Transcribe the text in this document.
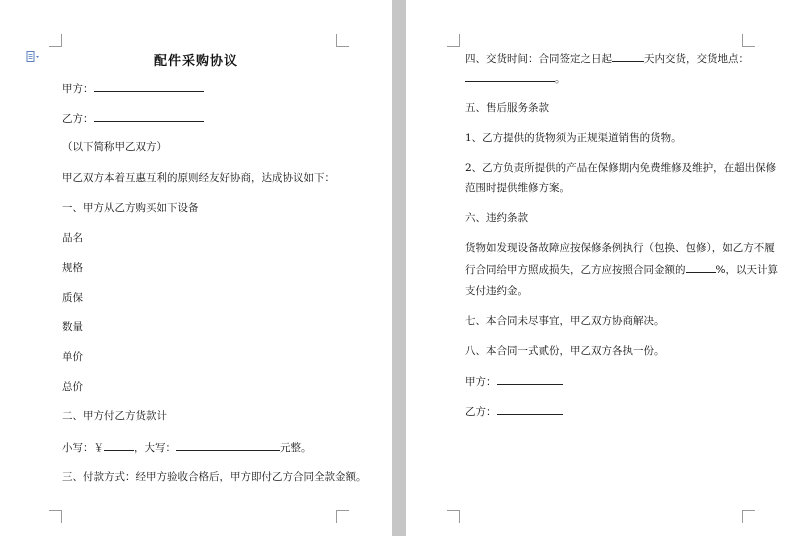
配件采购协议
甲方：
乙方：
（以下简称甲乙双方）
甲乙双方本着互惠互利的原则经友好协商，达成协议如下：
一、甲方从乙方购买如下设备
品名
规格
质保
数量
单价
总价
二、甲方付乙方货款计
小写：￥	，大写：	元整。
三、付款方式：经甲方验收合格后，甲方即付乙方合同全款金额。
四、交货时间：合同签定之日起	天内交货，交货地点：
。
五、售后服务条款
1、乙方提供的货物须为正规渠道销售的货物。
2、乙方负责所提供的产品在保修期内免费维修及维护，在超出保修
范围时提供维修方案。
六、违约条款
货物如发现设备故障应按保修条例执行（包换、包修），如乙方不履
行合同给甲方照成损失，乙方应按照合同金额的	%，以天计算
支付违约金。
七、本合同未尽事宜，甲乙双方协商解决。
八、本合同一式贰份，甲乙双方各执一份。
甲方：
乙方：
